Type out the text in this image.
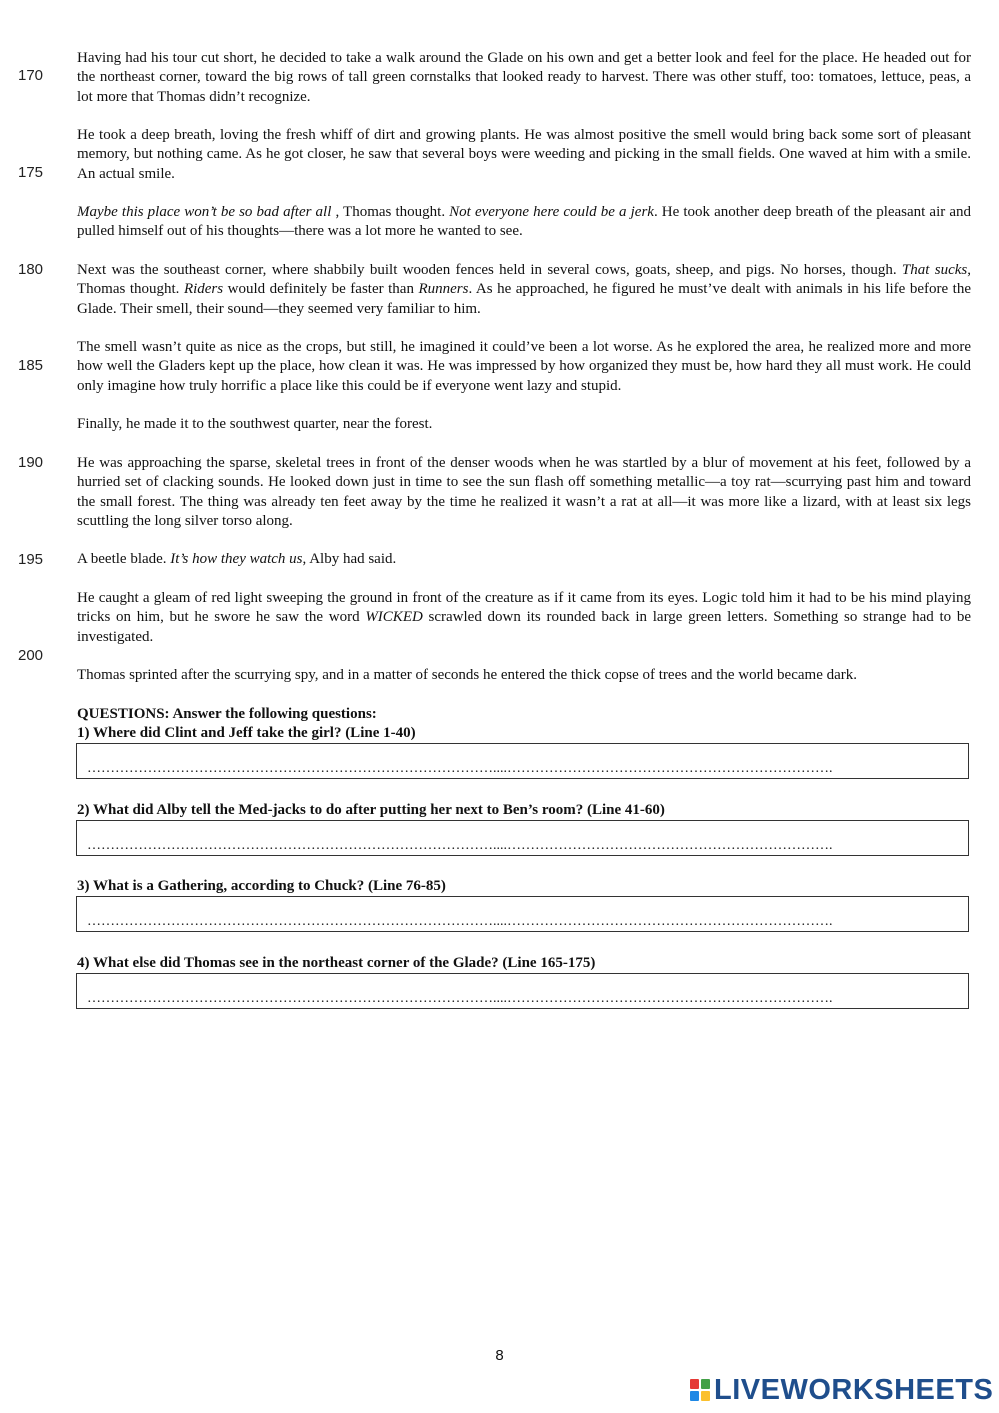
170
175
180
185
190
195
200

Having had his tour cut short, he decided to take a walk around the Glade on his own and get a better look and feel for the place. He headed out for the northeast corner, toward the big rows of tall green cornstalks that looked ready to harvest. There was other stuff, too: tomatoes, lettuce, peas, a lot more that Thomas didn’t recognize.

He took a deep breath, loving the fresh whiff of dirt and growing plants. He was almost positive the smell would bring back some sort of pleasant memory, but nothing came. As he got closer, he saw that several boys were weeding and picking in the small fields. One waved at him with a smile. An actual smile.

Maybe this place won’t be so bad after all , Thomas thought. Not everyone here could be a jerk. He took another deep breath of the pleasant air and pulled himself out of his thoughts—there was a lot more he wanted to see.

Next was the southeast corner, where shabbily built wooden fences held in several cows, goats, sheep, and pigs. No horses, though. That sucks, Thomas thought. Riders would definitely be faster than Runners. As he approached, he figured he must’ve dealt with animals in his life before the Glade. Their smell, their sound—they seemed very familiar to him.

The smell wasn’t quite as nice as the crops, but still, he imagined it could’ve been a lot worse. As he explored the area, he realized more and more how well the Gladers kept up the place, how clean it was. He was impressed by how organized they must be, how hard they all must work. He could only imagine how truly horrific a place like this could be if everyone went lazy and stupid.

Finally, he made it to the southwest quarter, near the forest.

He was approaching the sparse, skeletal trees in front of the denser woods when he was startled by a blur of movement at his feet, followed by a hurried set of clacking sounds. He looked down just in time to see the sun flash off something metallic—a toy rat—scurrying past him and toward the small forest. The thing was already ten feet away by the time he realized it wasn’t a rat at all—it was more like a lizard, with at least six legs scuttling the long silver torso along.

A beetle blade. It’s how they watch us, Alby had said.

He caught a gleam of red light sweeping the ground in front of the creature as if it came from its eyes. Logic told him it had to be his mind playing tricks on him, but he swore he saw the word WICKED scrawled down its rounded back in large green letters. Something so strange had to be investigated.

Thomas sprinted after the scurrying spy, and in a matter of seconds he entered the thick copse of trees and the world became dark.

QUESTIONS: Answer the following questions:

1) Where did Clint and Jeff take the girl? (Line 1-40)

……………………………………………………………………………....…………………………………………………………….

2) What did Alby tell the Med-jacks to do after putting her next to Ben’s room? (Line 41-60)

……………………………………………………………………………....…………………………………………………………….

3) What is a Gathering, according to Chuck? (Line 76-85)

……………………………………………………………………………....…………………………………………………………….

4) What else did Thomas see in the northeast corner of the Glade? (Line 165-175)

……………………………………………………………………………....…………………………………………………………….
8
LIVEWORKSHEETS
